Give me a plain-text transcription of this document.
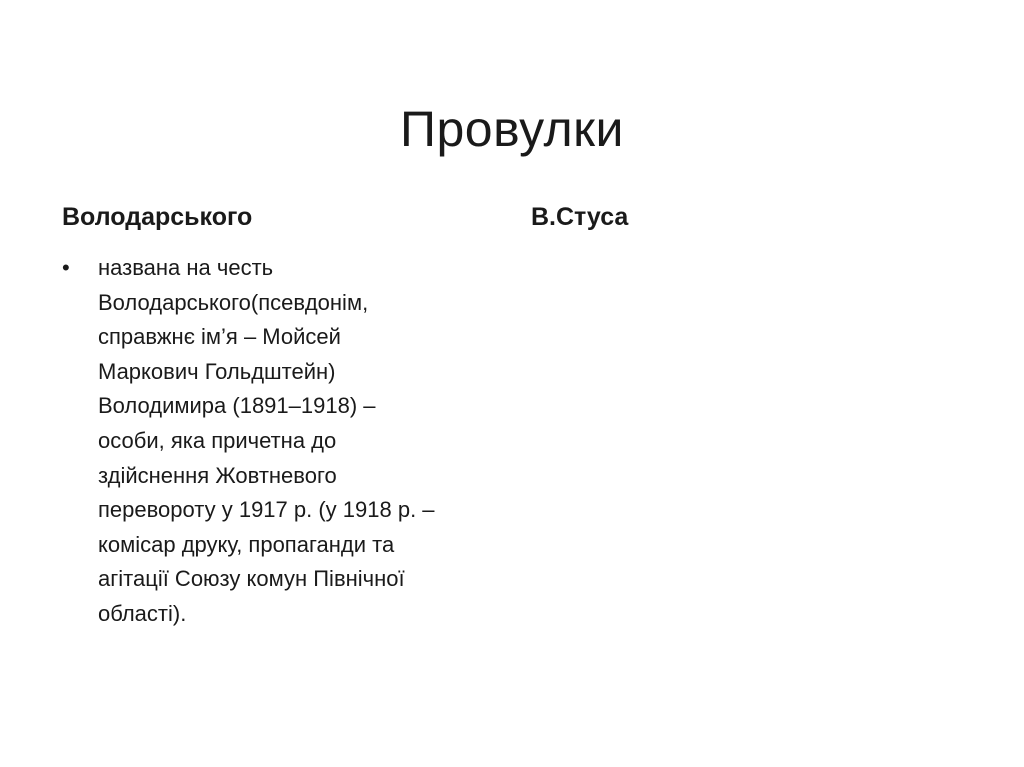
Провулки
Володарського	В.Стуса
• названа на честь
Володарського(псевдонім,
справжнє ім’я – Мойсей
Маркович Гольдштейн)
Володимира (1891–1918) –
особи, яка причетна до
здійснення Жовтневого
перевороту у 1917 р. (у 1918 р. –
комісар друку, пропаганди та
агітації Союзу комун Північної
області).
